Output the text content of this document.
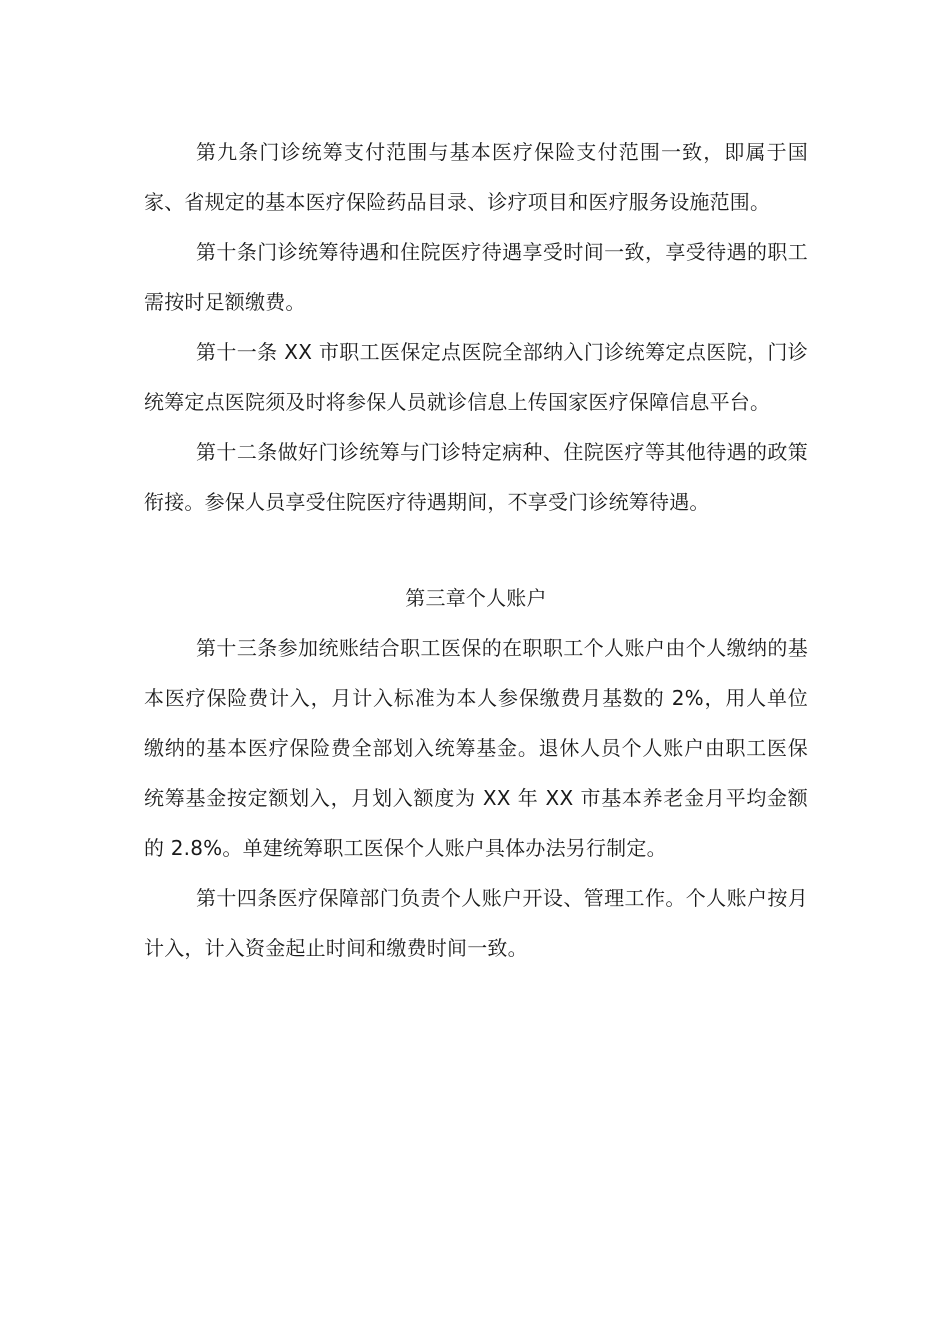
第九条门诊统筹支付范围与基本医疗保险支付范围一致，即属于国家、省规定的基本医疗保险药品目录、诊疗项目和医疗服务设施范围。

第十条门诊统筹待遇和住院医疗待遇享受时间一致，享受待遇的职工需按时足额缴费。

第十一条 XX 市职工医保定点医院全部纳入门诊统筹定点医院，门诊统筹定点医院须及时将参保人员就诊信息上传国家医疗保障信息平台。

第十二条做好门诊统筹与门诊特定病种、住院医疗等其他待遇的政策衔接。参保人员享受住院医疗待遇期间，不享受门诊统筹待遇。

第三章个人账户

第十三条参加统账结合职工医保的在职职工个人账户由个人缴纳的基本医疗保险费计入，月计入标准为本人参保缴费月基数的 2%，用人单位缴纳的基本医疗保险费全部划入统筹基金。退休人员个人账户由职工医保统筹基金按定额划入，月划入额度为 XX 年 XX 市基本养老金月平均金额的 2.8%。单建统筹职工医保个人账户具体办法另行制定。

第十四条医疗保障部门负责个人账户开设、管理工作。个人账户按月计入，计入资金起止时间和缴费时间一致。
